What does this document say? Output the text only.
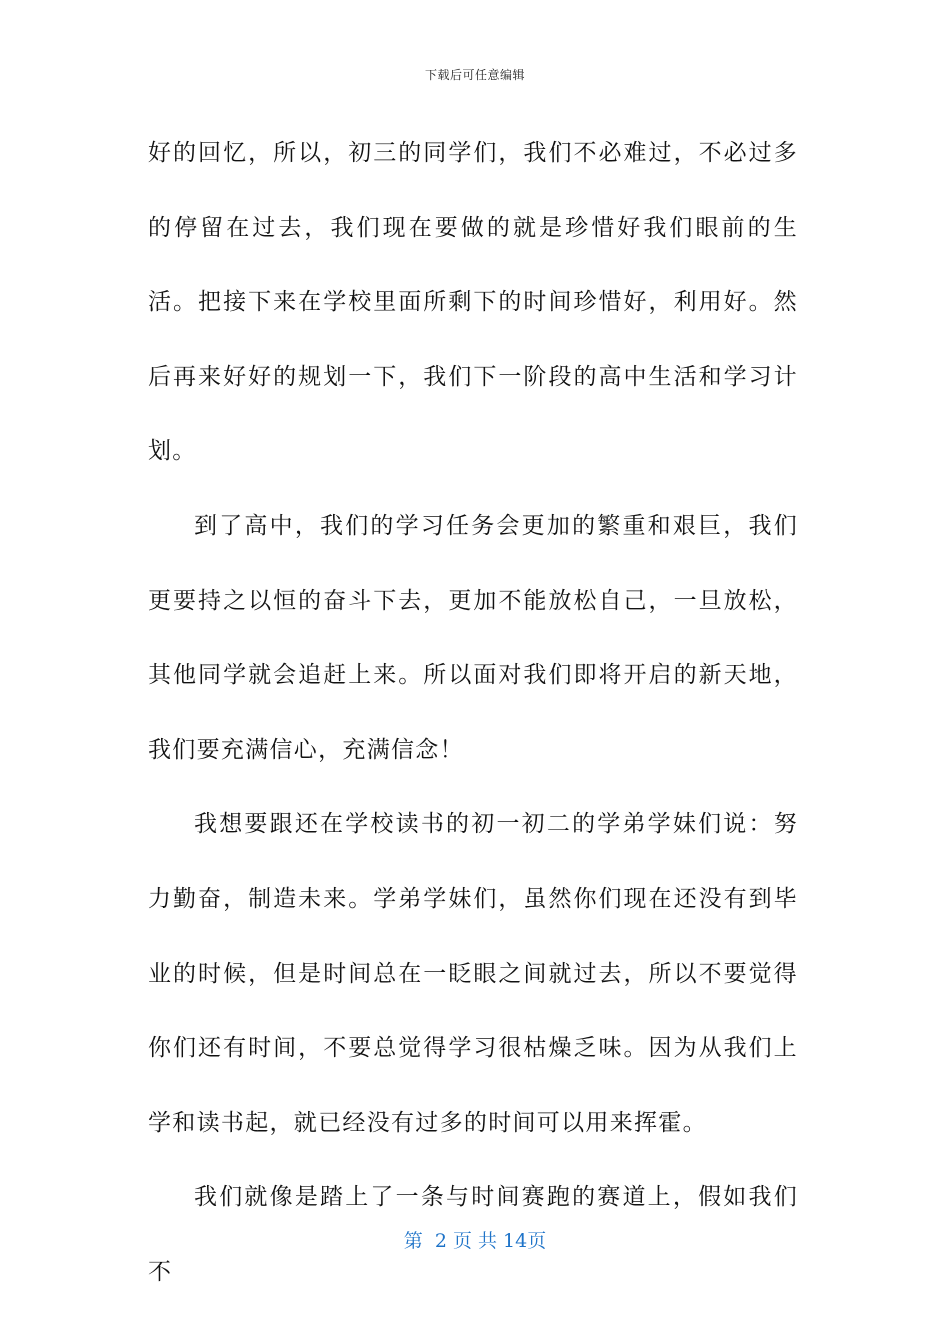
下载后可任意编辑

好的回忆，所以，初三的同学们，我们不必难过，不必过多的停留在过去，我们现在要做的就是珍惜好我们眼前的生活。把接下来在学校里面所剩下的时间珍惜好，利用好。然后再来好好的规划一下，我们下一阶段的高中生活和学习计划。

到了高中，我们的学习任务会更加的繁重和艰巨，我们更要持之以恒的奋斗下去，更加不能放松自己，一旦放松，其他同学就会追赶上来。所以面对我们即将开启的新天地，我们要充满信心，充满信念！

我想要跟还在学校读书的初一初二的学弟学妹们说：努力勤奋，制造未来。学弟学妹们，虽然你们现在还没有到毕业的时候，但是时间总在一眨眼之间就过去，所以不要觉得你们还有时间，不要总觉得学习很枯燥乏味。因为从我们上学和读书起，就已经没有过多的时间可以用来挥霍。

我们就像是踏上了一条与时间赛跑的赛道上，假如我们不

第  2 页 共 14页
